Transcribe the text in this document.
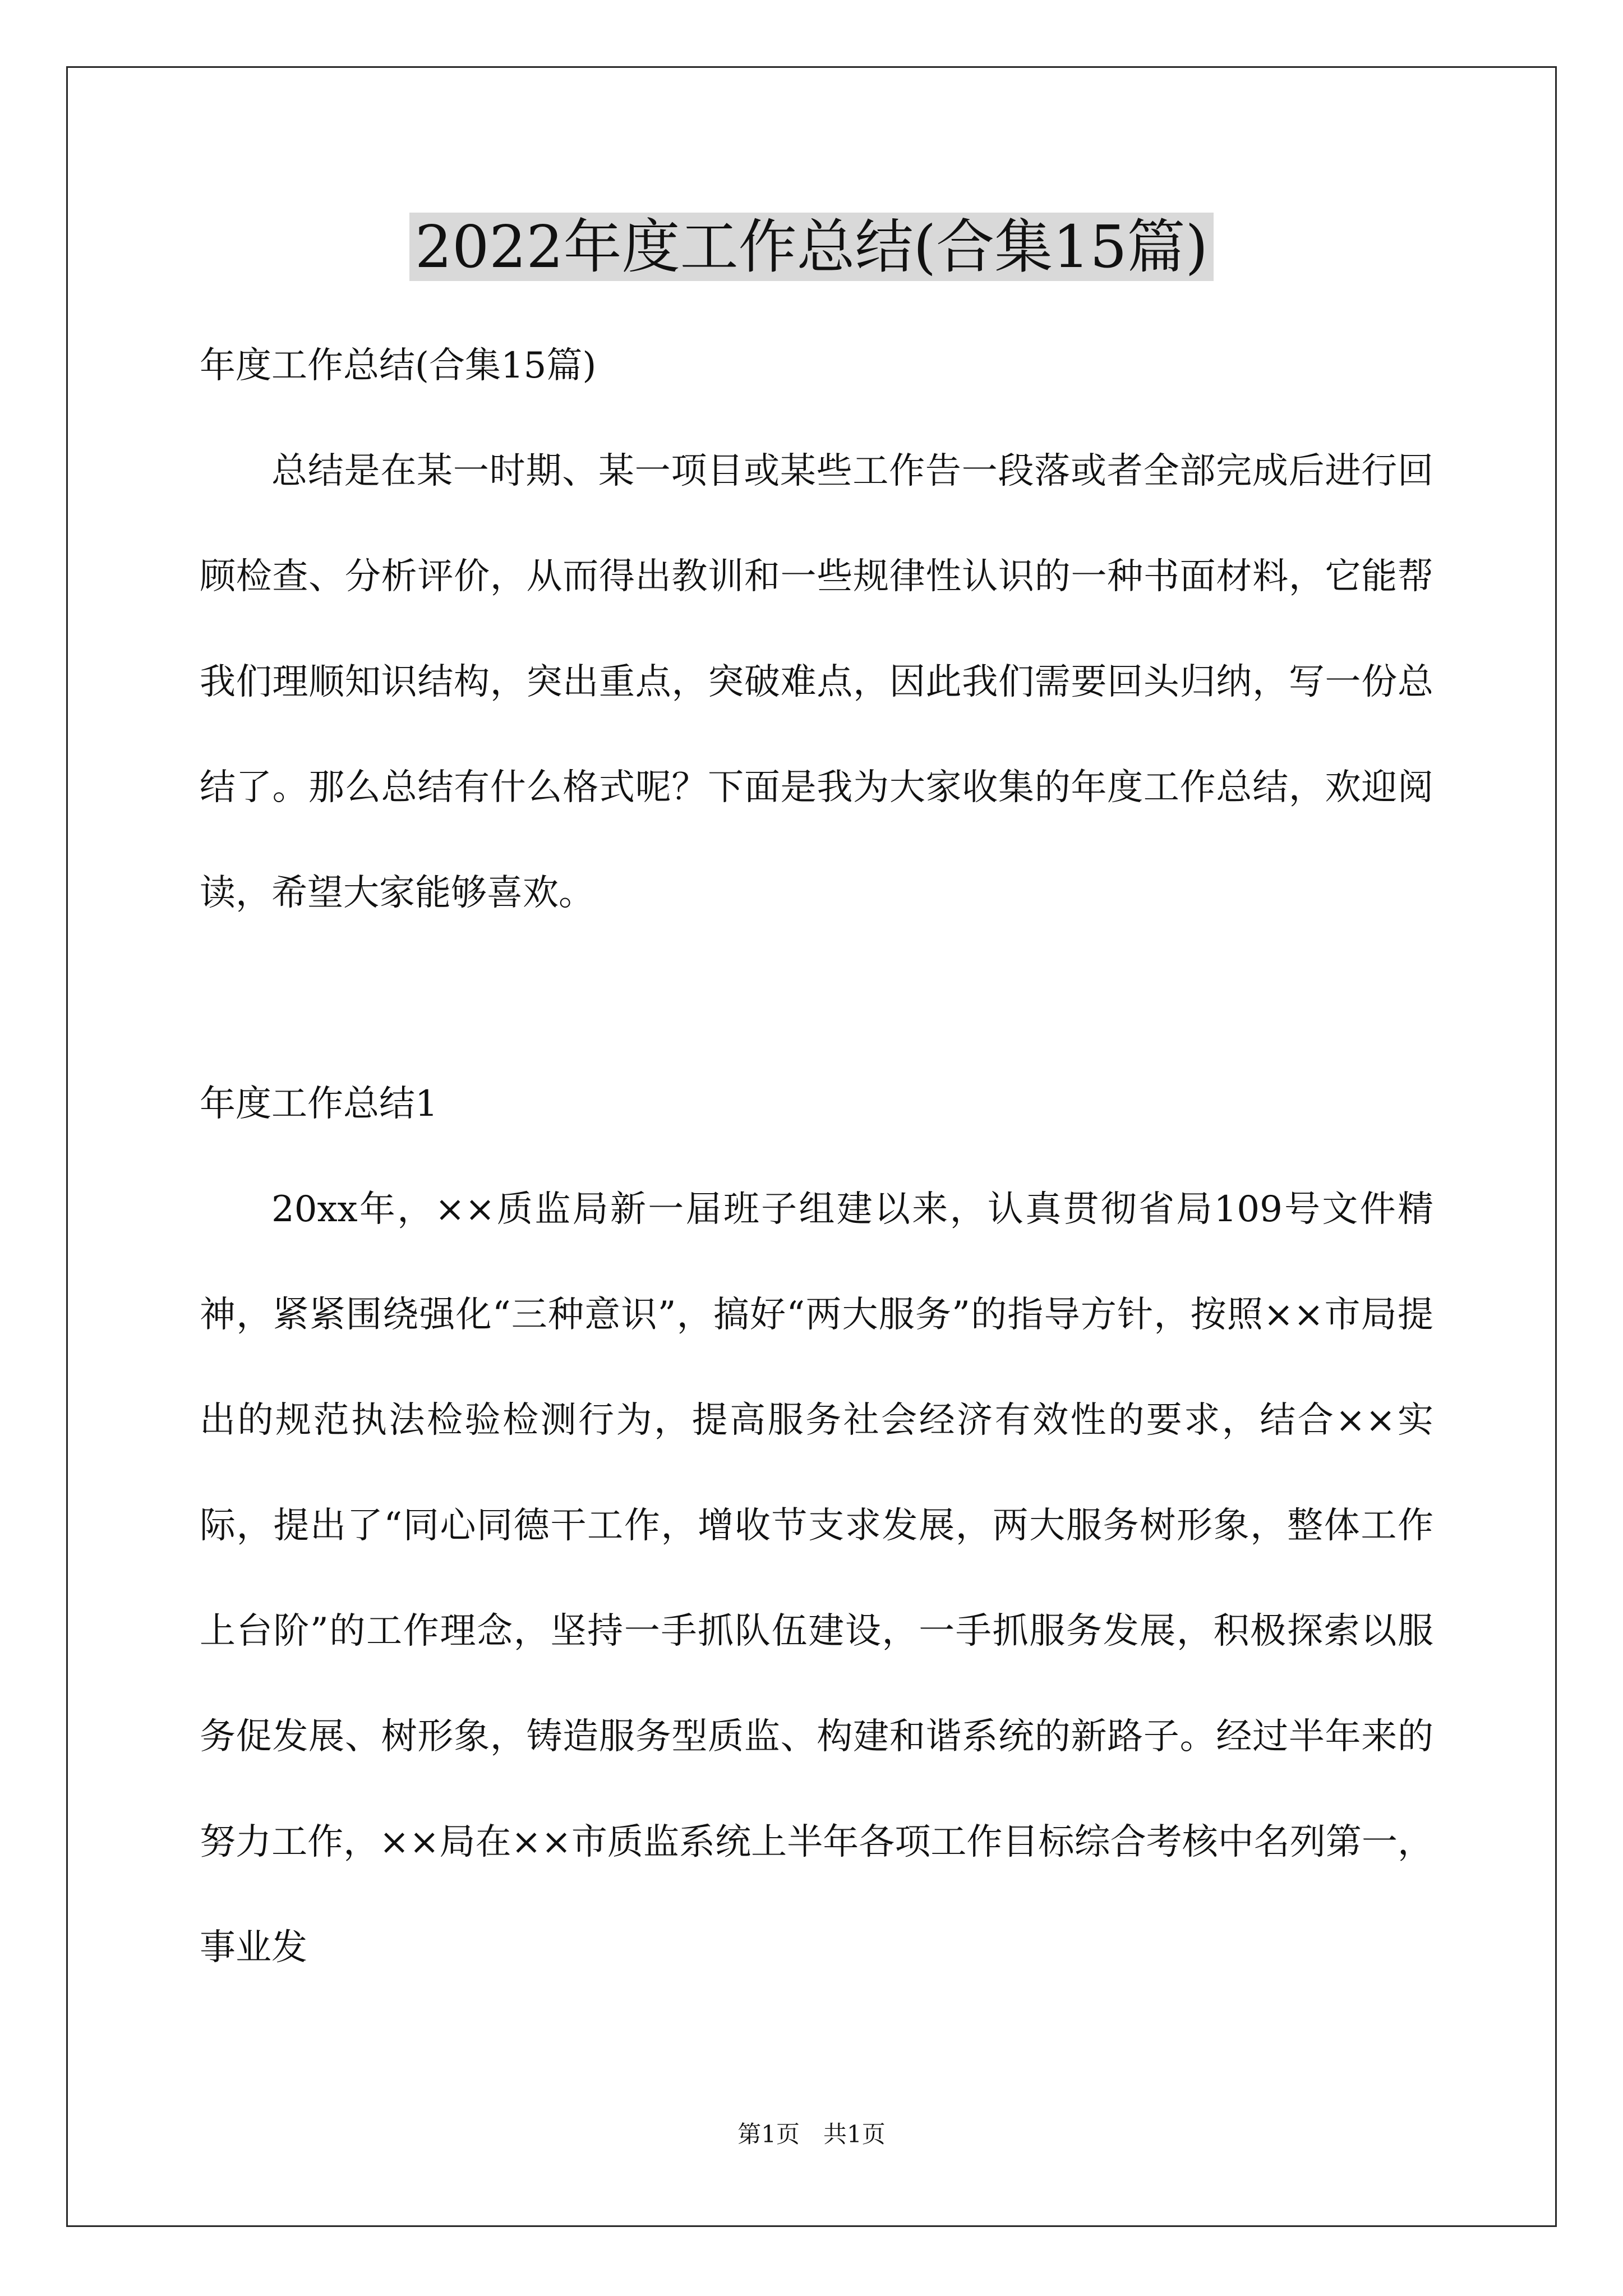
2022年度工作总结(合集15篇)

年度工作总结(合集15篇)

总结是在某一时期、某一项目或某些工作告一段落或者全部完成后进行回顾检查、分析评价，从而得出教训和一些规律性认识的一种书面材料，它能帮我们理顺知识结构，突出重点，突破难点，因此我们需要回头归纳，写一份总结了。那么总结有什么格式呢？下面是我为大家收集的年度工作总结，欢迎阅读，希望大家能够喜欢。

年度工作总结1

20xx年，××质监局新一届班子组建以来，认真贯彻省局109号文件精神，紧紧围绕强化“三种意识”，搞好“两大服务”的指导方针，按照××市局提出的规范执法检验检测行为，提高服务社会经济有效性的要求，结合××实际，提出了“同心同德干工作，增收节支求发展，两大服务树形象，整体工作上台阶”的工作理念，坚持一手抓队伍建设，一手抓服务发展，积极探索以服务促发展、树形象，铸造服务型质监、构建和谐系统的新路子。经过半年来的努力工作，××局在××市质监系统上半年各项工作目标综合考核中名列第一，事业发

第1页　共1页
